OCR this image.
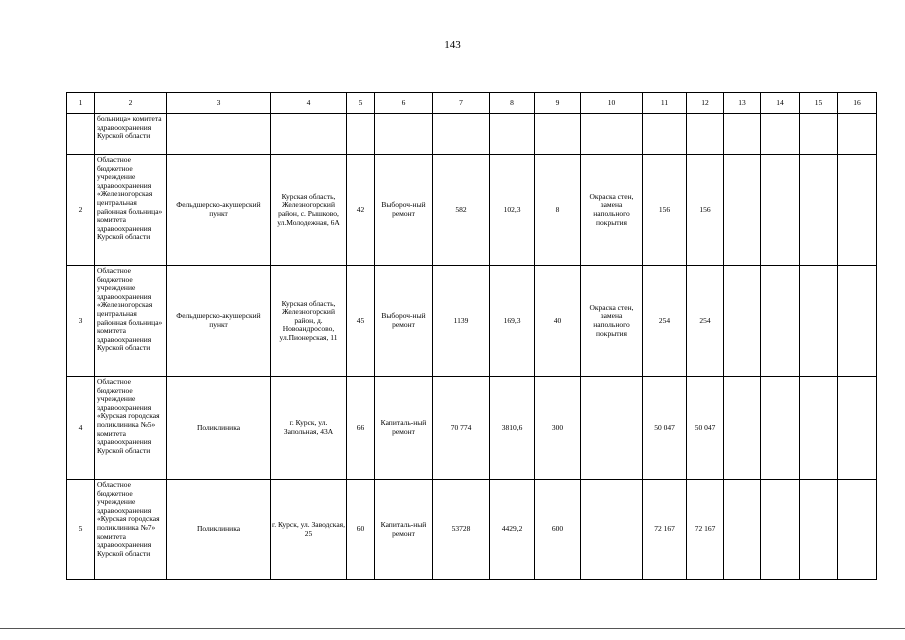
143
1	2	3	4	5	6	7	8	9	10	11	12	13	14	15	16
	больница» комитета здравоохранения Курской области														
2	Областное бюджетное учреждение здравоохранения «Железногорская центральная районная больница» комитета здравоохранения Курской области	Фельдшерско-акушерский пункт	Курская область, Железногорский район, с. Рышково, ул.Молодежная, 6А	42	Выбороч-ный ремонт	582	102,3	8	Окраска стен, замена напольного покрытия	156	156				
3	Областное бюджетное учреждение здравоохранения «Железногорская центральная районная больница» комитета здравоохранения Курской области	Фельдшерско-акушерский пункт	Курская область, Железногорский район, д. Новоандросово, ул.Пионерская, 11	45	Выбороч-ный ремонт	1139	169,3	40	Окраска стен, замена напольного покрытия	254	254				
4	Областное бюджетное учреждение здравоохранения «Курская городская поликлиника №5» комитета здравоохранения Курской области	Поликлиника	г. Курск, ул. Запольная, 43А	66	Капиталь-ный ремонт	70 774	3810,6	300		50 047	50 047				
5	Областное бюджетное учреждение здравоохранения «Курская городская поликлиника №7» комитета здравоохранения Курской области	Поликлиника	г. Курск, ул. Заводская, 25	60	Капиталь-ный ремонт	53728	4429,2	600		72 167	72 167				
